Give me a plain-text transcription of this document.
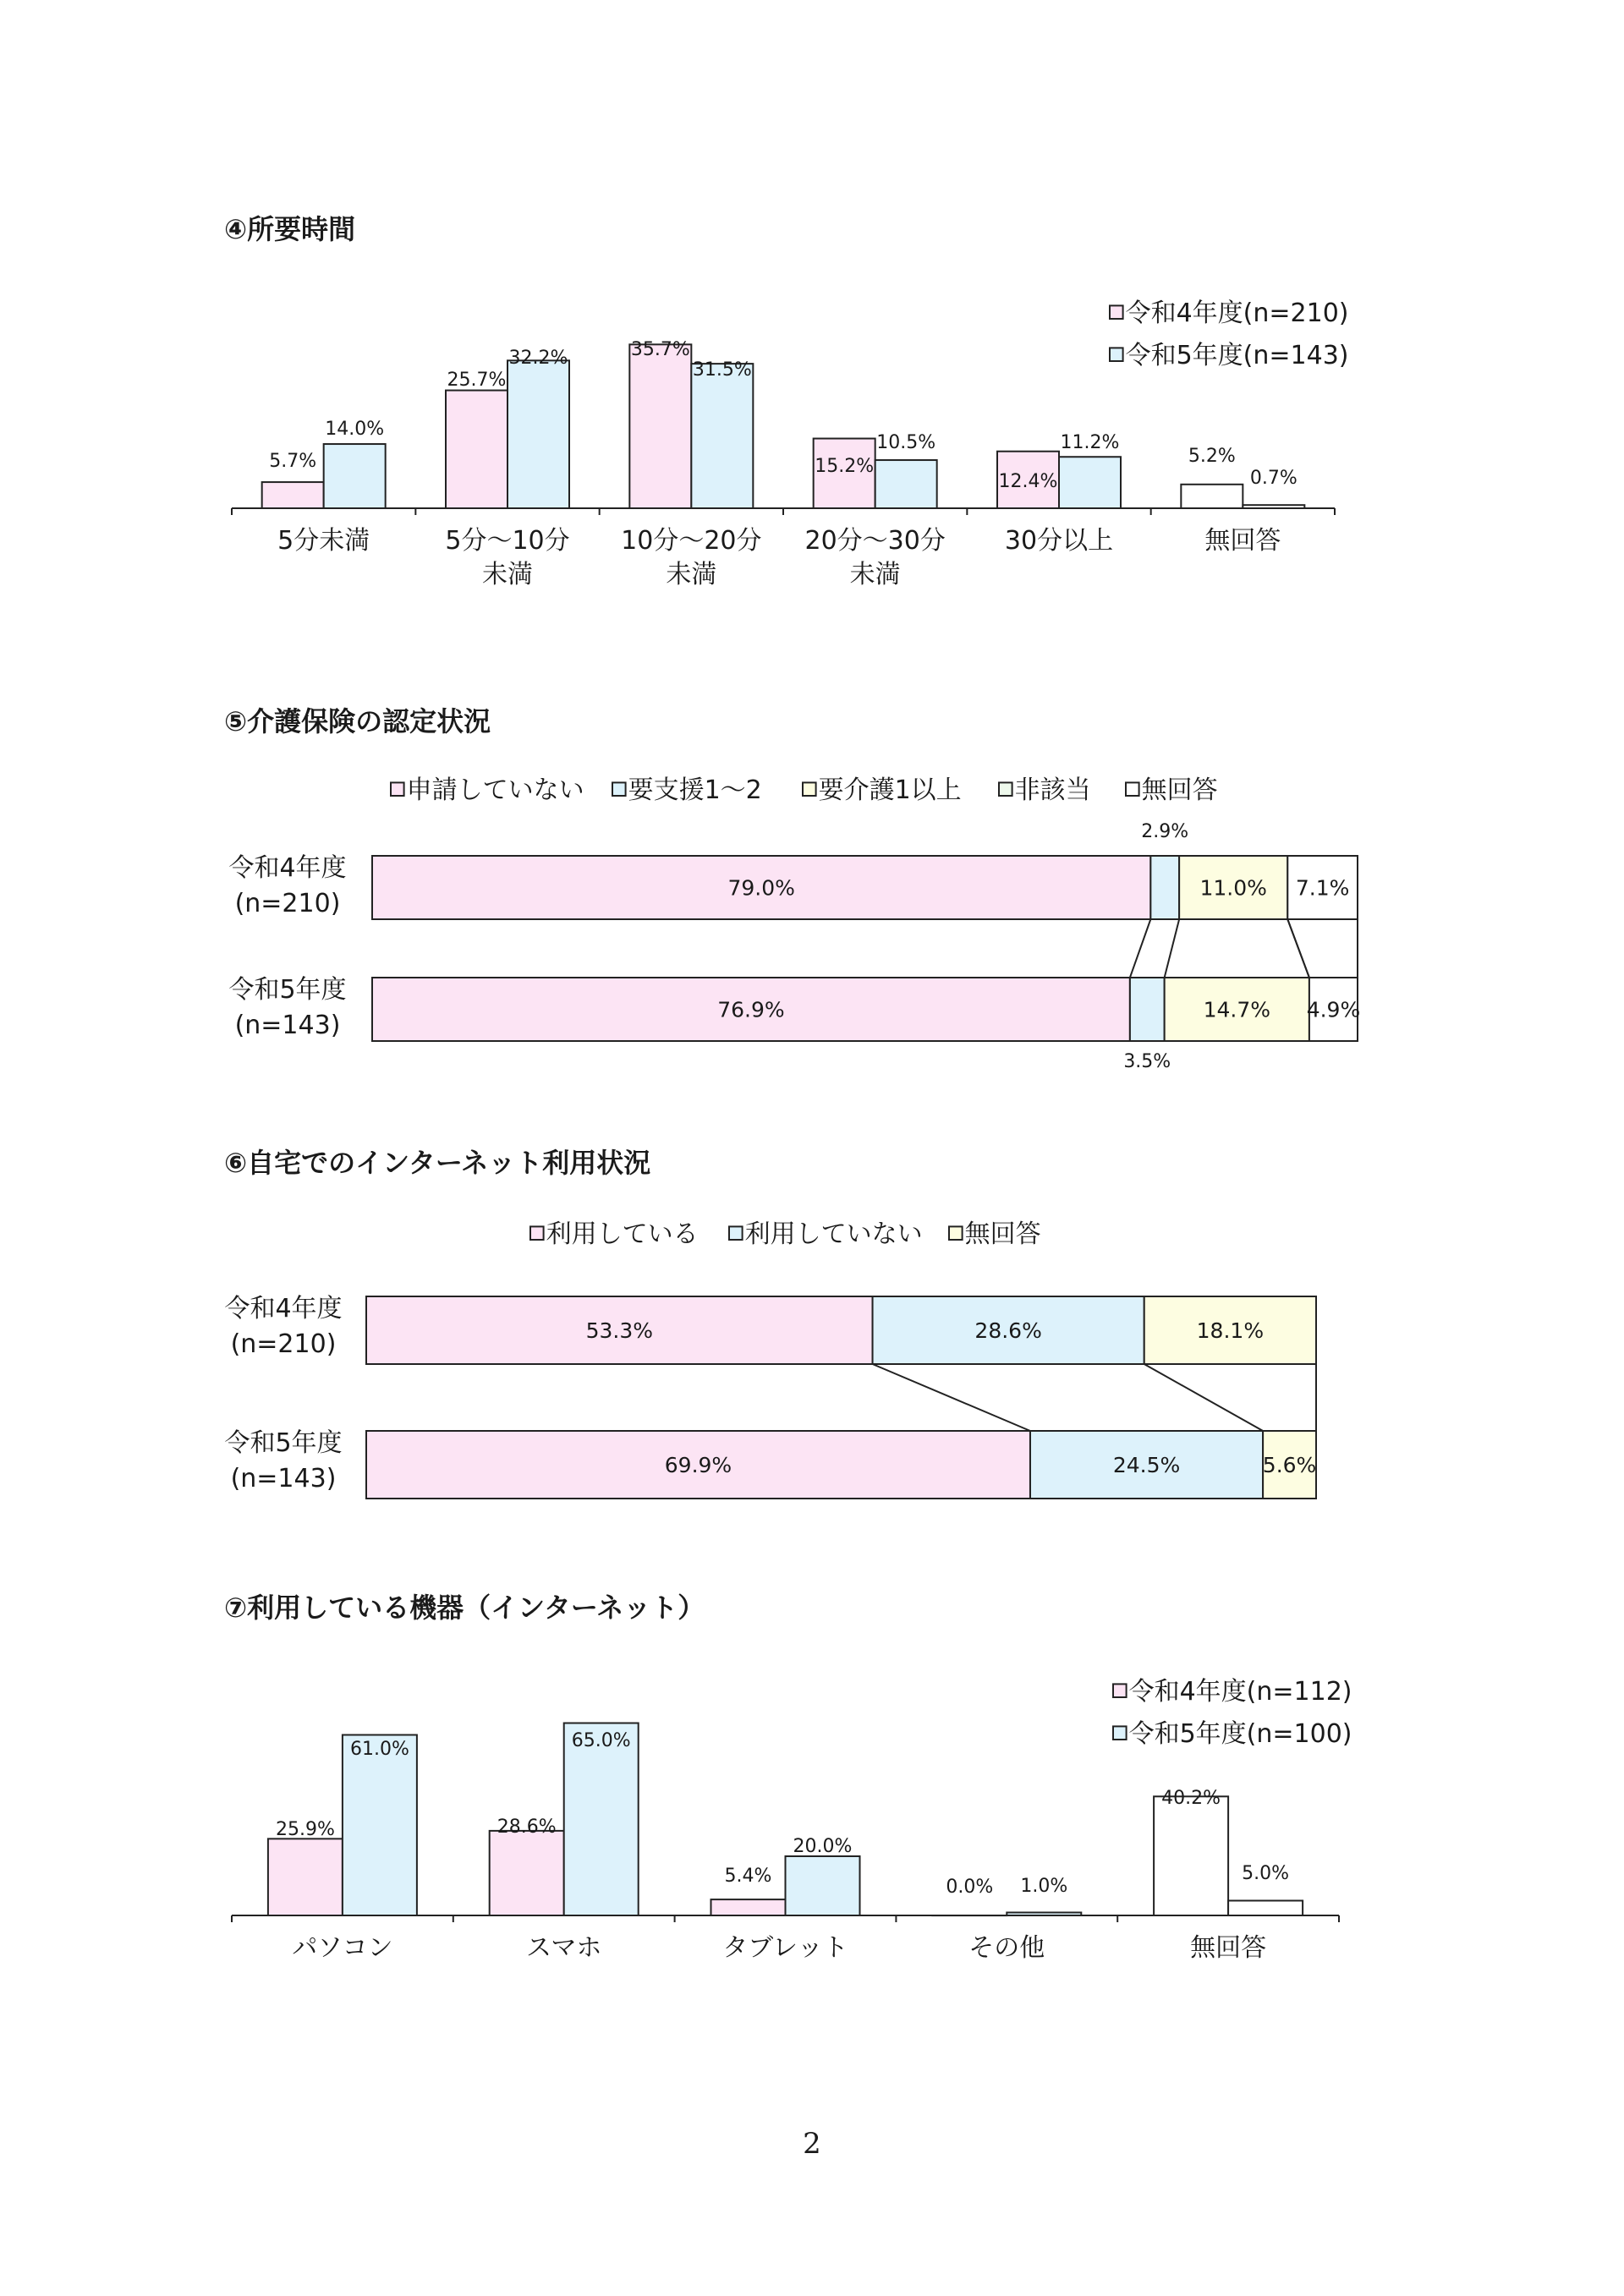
④所要時間
令和4年度(n=210)
令和5年度(n=143)
5.7%
14.0%
5分未満
25.7%
32.2%
5分～10分
未満
35.7%
31.5%
10分～20分
未満
15.2%
10.5%
20分～30分
未満
12.4%
11.2%
30分以上
5.2%
0.7%
無回答
⑤介護保険の認定状況
申請していない 要支援1～2 要介護1以上 非該当 無回答
79.0%
2.9%
11.0% 7.1%
令和4年度
(n=210)
76.9%
3.5%
14.7% 4.9%
令和5年度
(n=143)
⑥自宅でのインターネット利用状況
利用している 利用していない 無回答
53.3%	28.6%	18.1%
令和4年度
(n=210)
69.9%	24.5%	5.6%
令和5年度
(n=143)
⑦利用している機器（インターネット）
令和4年度(n=112)
令和5年度(n=100)
25.9%
61.0%
パソコン
28.6%
65.0%
スマホ
5.4%
20.0%
タブレット
0.0% 1.0%
その他
40.2%
5.0%
無回答
2
